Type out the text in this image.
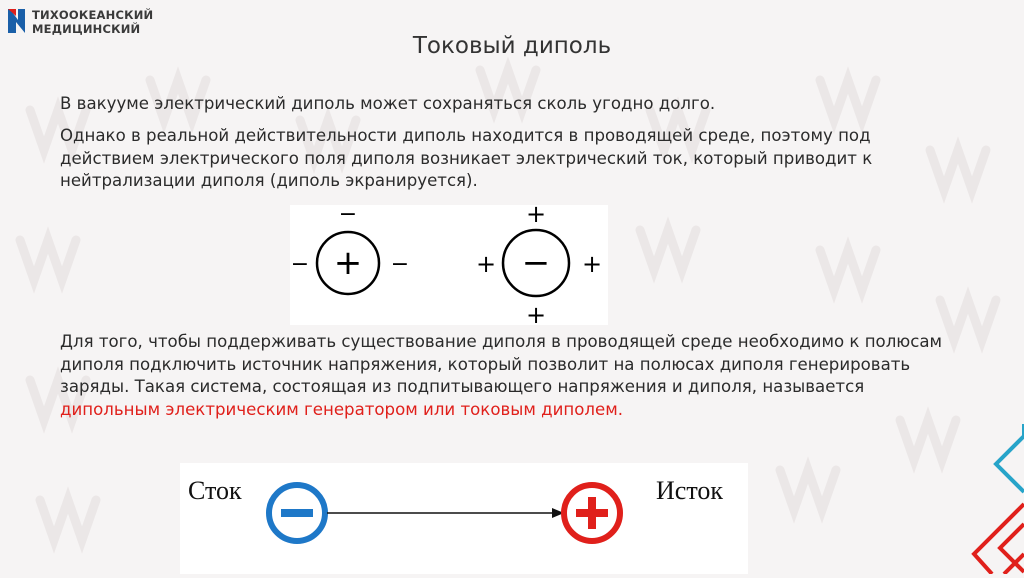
ТИХООКЕАНСКИЙ
МЕДИЦИНСКИЙ
Токовый диполь

В вакууме электрический диполь может сохраняться сколь угодно долго.

Однако в реальной действительности диполь находится в проводящей среде, поэтому под действием электрического поля диполя возникает электрический ток, который приводит к нейтрализации диполя (диполь экранируется).

+
−
−	−	−
+
+	+
+

Для того, чтобы поддерживать существование диполя в проводящей среде необходимо к полюсам диполя подключить источник напряжения, который позволит на полюсах диполя генерировать заряды. Такая система, состоящая из подпитывающего напряжения и диполя, называется дипольным электрическим генератором или токовым диполем.

Сток	Исток
